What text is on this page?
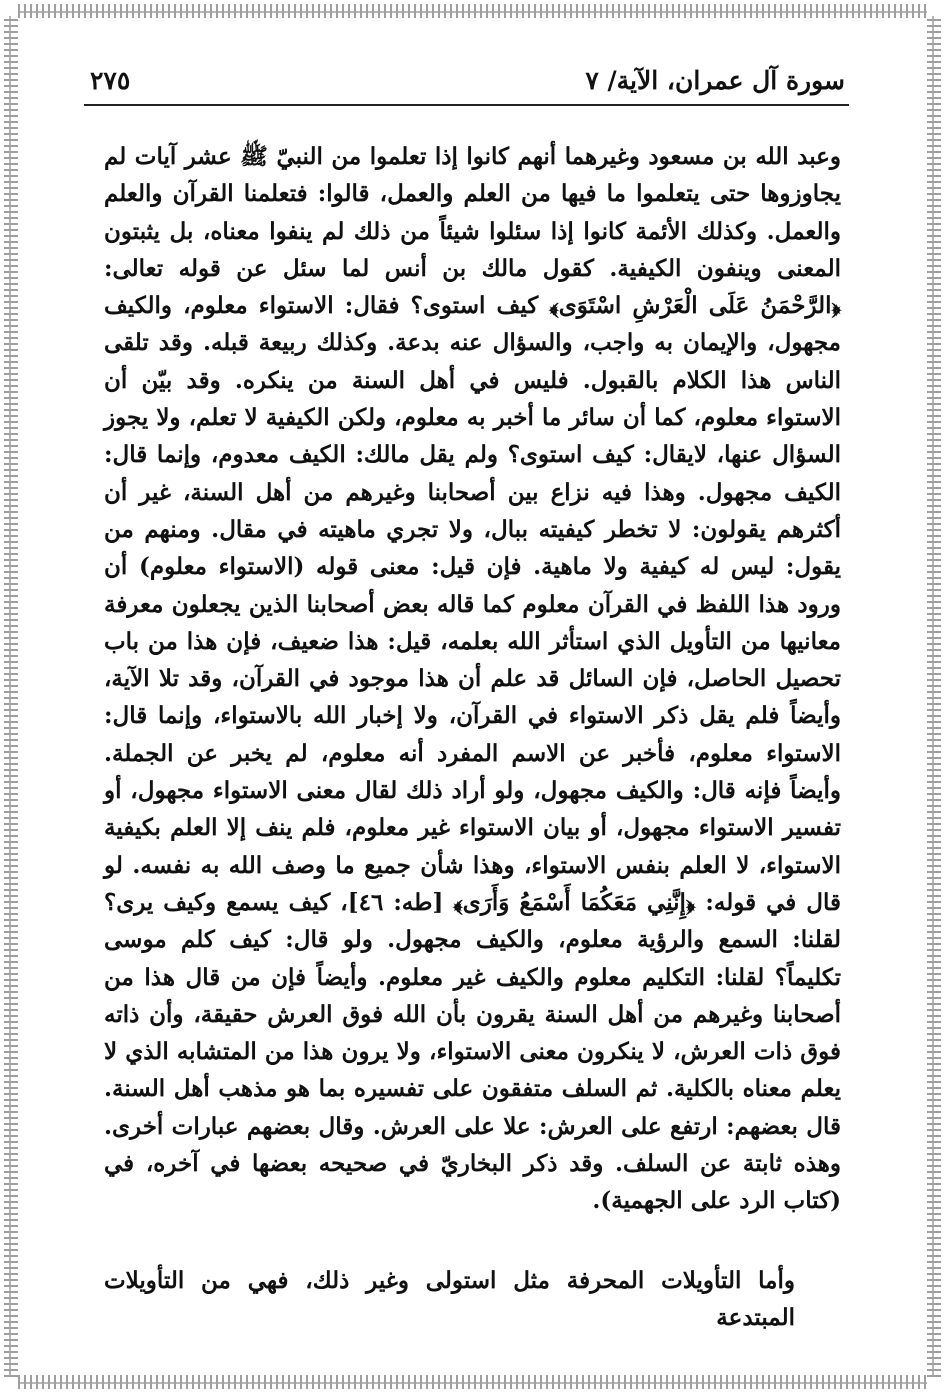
سورة آل عمران، الآية/ ٧
٢٧٥

وعبد الله بن مسعود وغيرهما أنهم كانوا إذا تعلموا من النبيّ ﷺ عشر آيات لم يجاوزوها حتى يتعلموا ما فيها من العلم والعمل، قالوا: فتعلمنا القرآن والعلم والعمل. وكذلك الأئمة كانوا إذا سئلوا شيئاً من ذلك لم ينفوا معناه، بل يثبتون المعنى وينفون الكيفية. كقول مالك بن أنس لما سئل عن قوله تعالى: ﴿الرَّحْمَنُ عَلَى الْعَرْشِ اسْتَوَى﴾ كيف استوى؟ فقال: الاستواء معلوم، والكيف مجهول، والإيمان به واجب، والسؤال عنه بدعة. وكذلك ربيعة قبله. وقد تلقى الناس هذا الكلام بالقبول. فليس في أهل السنة من ينكره. وقد بيّن أن الاستواء معلوم، كما أن سائر ما أخبر به معلوم، ولكن الكيفية لا تعلم، ولا يجوز السؤال عنها، لايقال: كيف استوى؟ ولم يقل مالك: الكيف معدوم، وإنما قال: الكيف مجهول. وهذا فيه نزاع بين أصحابنا وغيرهم من أهل السنة، غير أن أكثرهم يقولون: لا تخطر كيفيته ببال، ولا تجري ماهيته في مقال. ومنهم من يقول: ليس له كيفية ولا ماهية. فإن قيل: معنى قوله (الاستواء معلوم) أن ورود هذا اللفظ في القرآن معلوم كما قاله بعض أصحابنا الذين يجعلون معرفة معانيها من التأويل الذي استأثر الله بعلمه، قيل: هذا ضعيف، فإن هذا من باب تحصيل الحاصل، فإن السائل قد علم أن هذا موجود في القرآن، وقد تلا الآية، وأيضاً فلم يقل ذكر الاستواء في القرآن، ولا إخبار الله بالاستواء، وإنما قال: الاستواء معلوم، فأخبر عن الاسم المفرد أنه معلوم، لم يخبر عن الجملة. وأيضاً فإنه قال: والكيف مجهول، ولو أراد ذلك لقال معنى الاستواء مجهول، أو تفسير الاستواء مجهول، أو بيان الاستواء غير معلوم، فلم ينف إلا العلم بكيفية الاستواء، لا العلم بنفس الاستواء، وهذا شأن جميع ما وصف الله به نفسه. لو قال في قوله: ﴿إِنَّنِي مَعَكُمَا أَسْمَعُ وَأَرَى﴾ [طه: ٤٦]، كيف يسمع وكيف يرى؟ لقلنا: السمع والرؤية معلوم، والكيف مجهول. ولو قال: كيف كلم موسى تكليماً؟ لقلنا: التكليم معلوم والكيف غير معلوم. وأيضاً فإن من قال هذا من أصحابنا وغيرهم من أهل السنة يقرون بأن الله فوق العرش حقيقة، وأن ذاته فوق ذات العرش، لا ينكرون معنى الاستواء، ولا يرون هذا من المتشابه الذي لا يعلم معناه بالكلية. ثم السلف متفقون على تفسيره بما هو مذهب أهل السنة. قال بعضهم: ارتفع على العرش: علا على العرش. وقال بعضهم عبارات أخرى. وهذه ثابتة عن السلف. وقد ذكر البخاريّ في صحيحه بعضها في آخره، في (كتاب الرد على الجهمية).

وأما التأويلات المحرفة مثل استولى وغير ذلك، فهي من التأويلات المبتدعة
